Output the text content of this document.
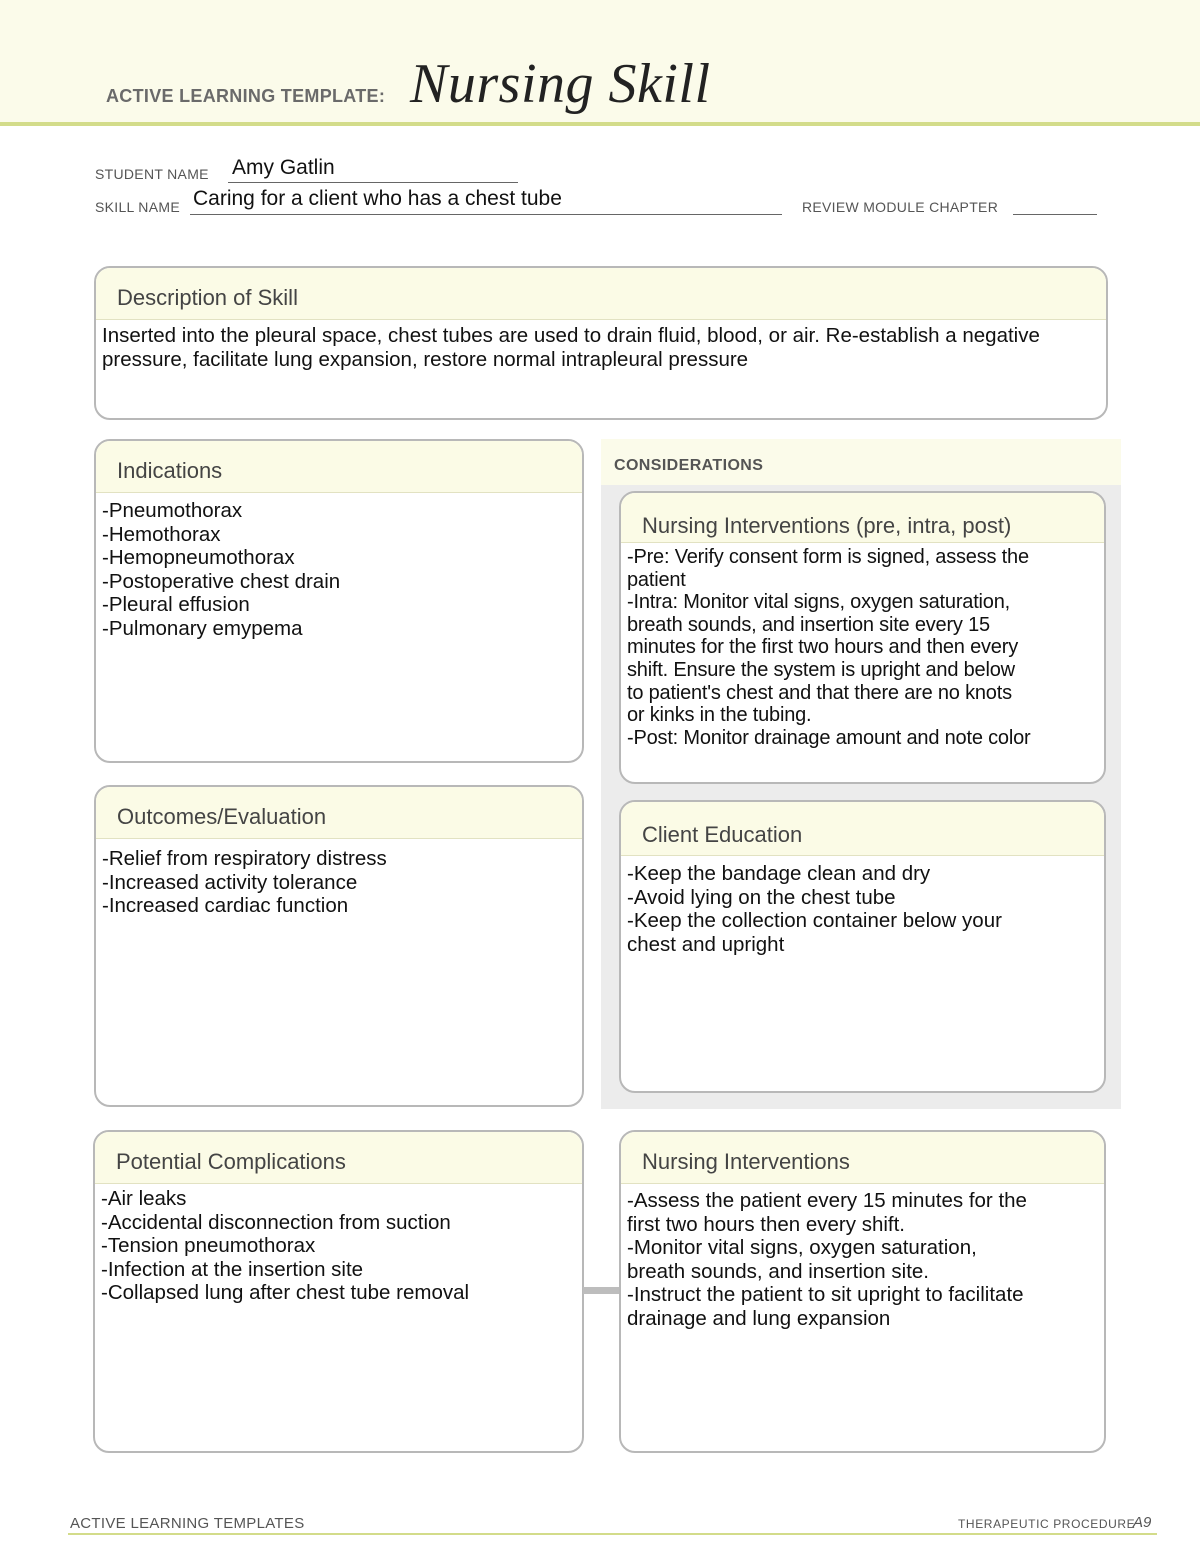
ACTIVE LEARNING TEMPLATE: Nursing Skill
STUDENT NAME Amy Gatlin
SKILL NAME Caring for a client who has a chest tube	REVIEW MODULE CHAPTER
Description of Skill
Inserted into the pleural space, chest tubes are used to drain fluid, blood, or air. Re-establish a negative pressure, facilitate lung expansion, restore normal intrapleural pressure
CONSIDERATIONS
Indications
-Pneumothorax
-Hemothorax
-Hemopneumothorax
-Postoperative chest drain
-Pleural effusion
-Pulmonary emypema
Nursing Interventions (pre, intra, post)
-Pre: Verify consent form is signed, assess the
patient
-Intra: Monitor vital signs, oxygen saturation,
breath sounds, and insertion site every 15
minutes for the first two hours and then every
shift. Ensure the system is upright and below
to patient's chest and that there are no knots
or kinks in the tubing.
-Post: Monitor drainage amount and note color
Outcomes/Evaluation
-Relief from respiratory distress
-Increased activity tolerance
-Increased cardiac function
Client Education
-Keep the bandage clean and dry
-Avoid lying on the chest tube
-Keep the collection container below your
chest and upright
Potential Complications
-Air leaks
-Accidental disconnection from suction
-Tension pneumothorax
-Infection at the insertion site
-Collapsed lung after chest tube removal
Nursing Interventions
-Assess the patient every 15 minutes for the
first two hours then every shift.
-Monitor vital signs, oxygen saturation,
breath sounds, and insertion site.
-Instruct the patient to sit upright to facilitate
drainage and lung expansion
ACTIVE LEARNING TEMPLATES	THERAPEUTIC PROCEDURE
A9
